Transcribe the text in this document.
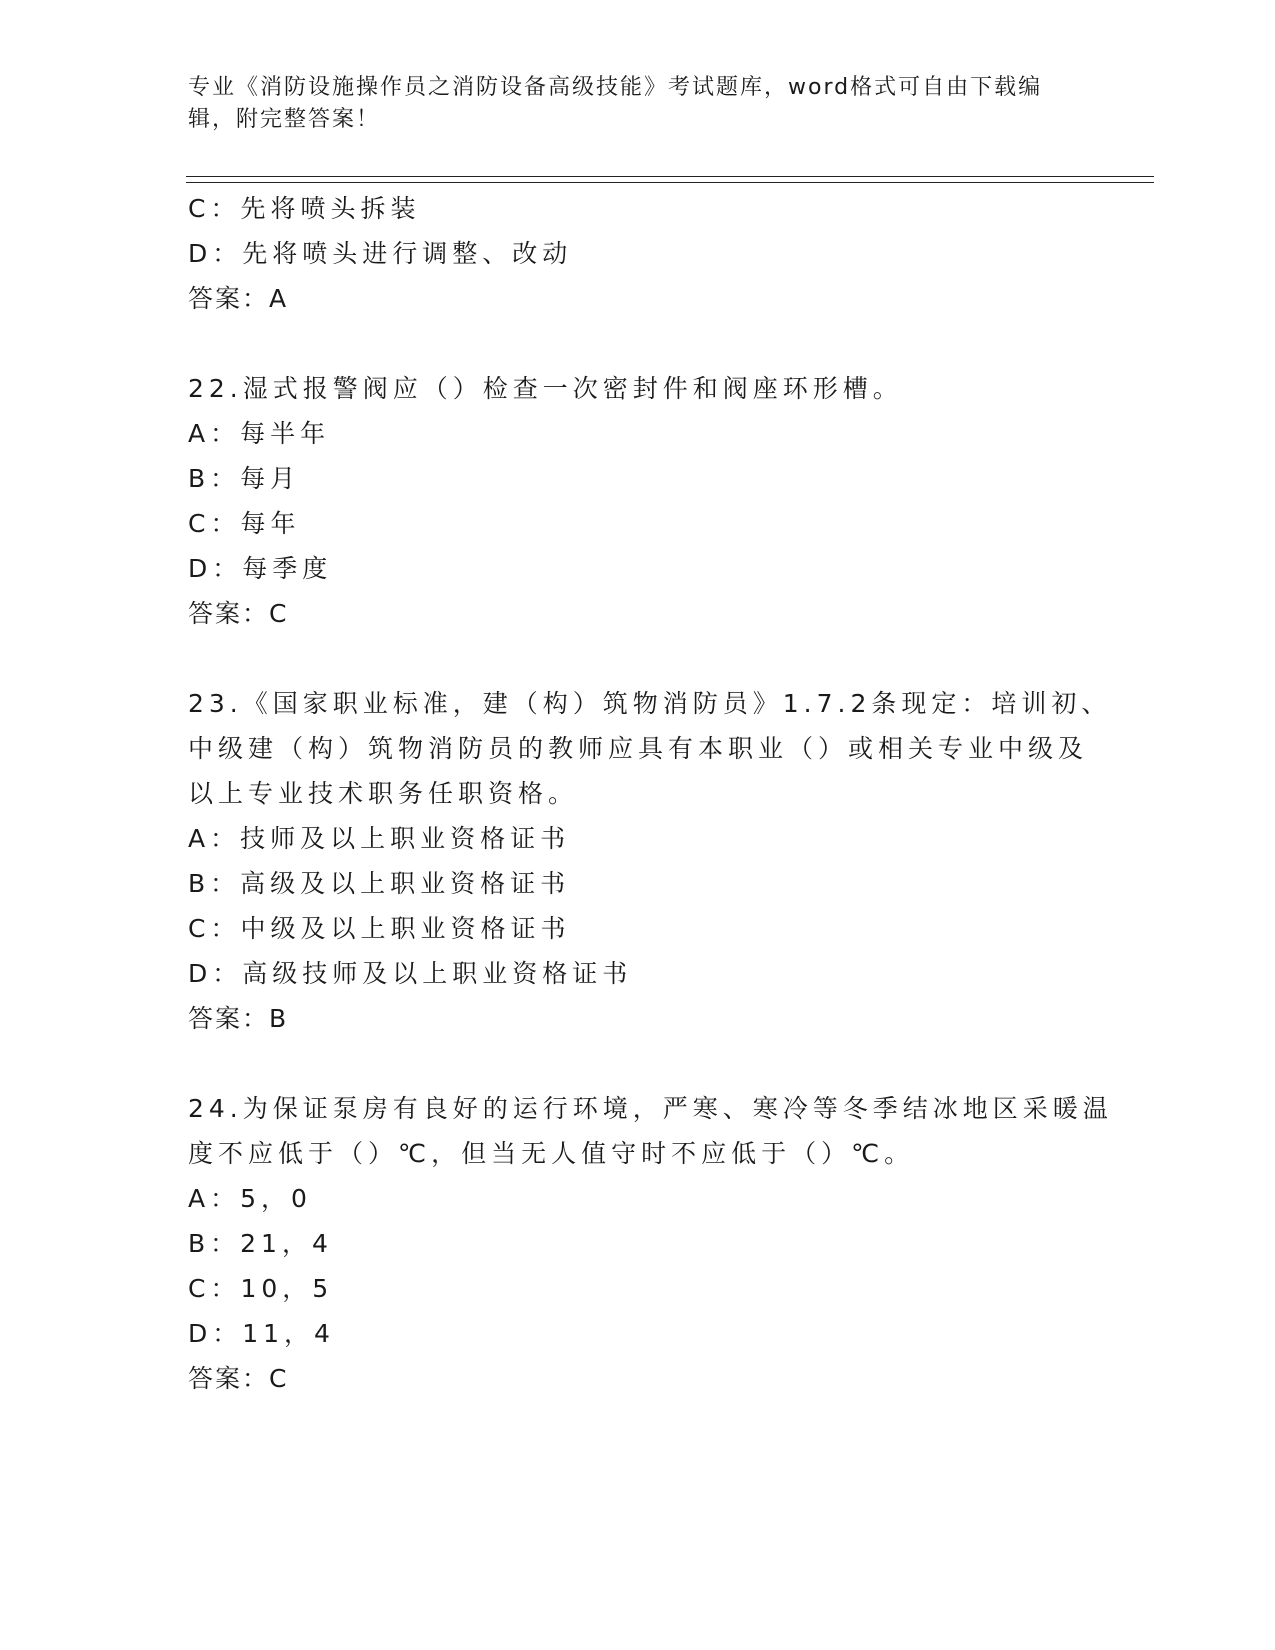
专业《消防设施操作员之消防设备高级技能》考试题库，word格式可自由下载编
辑，附完整答案！
C：先将喷头拆装
D：先将喷头进行调整、改动
答案：A
22.湿式报警阀应（）检查一次密封件和阀座环形槽。
A：每半年
B：每月
C：每年
D：每季度
答案：C
23.《国家职业标准，建（构）筑物消防员》1.7.2条现定：培训初、
中级建（构）筑物消防员的教师应具有本职业（）或相关专业中级及
以上专业技术职务任职资格。
A：技师及以上职业资格证书
B：高级及以上职业资格证书
C：中级及以上职业资格证书
D：高级技师及以上职业资格证书
答案：B
24.为保证泵房有良好的运行环境，严寒、寒冷等冬季结冰地区采暖温
度不应低于（）℃，但当无人值守时不应低于（）℃。
A：5，0
B：21，4
C：10，5
D：11，4
答案：C
